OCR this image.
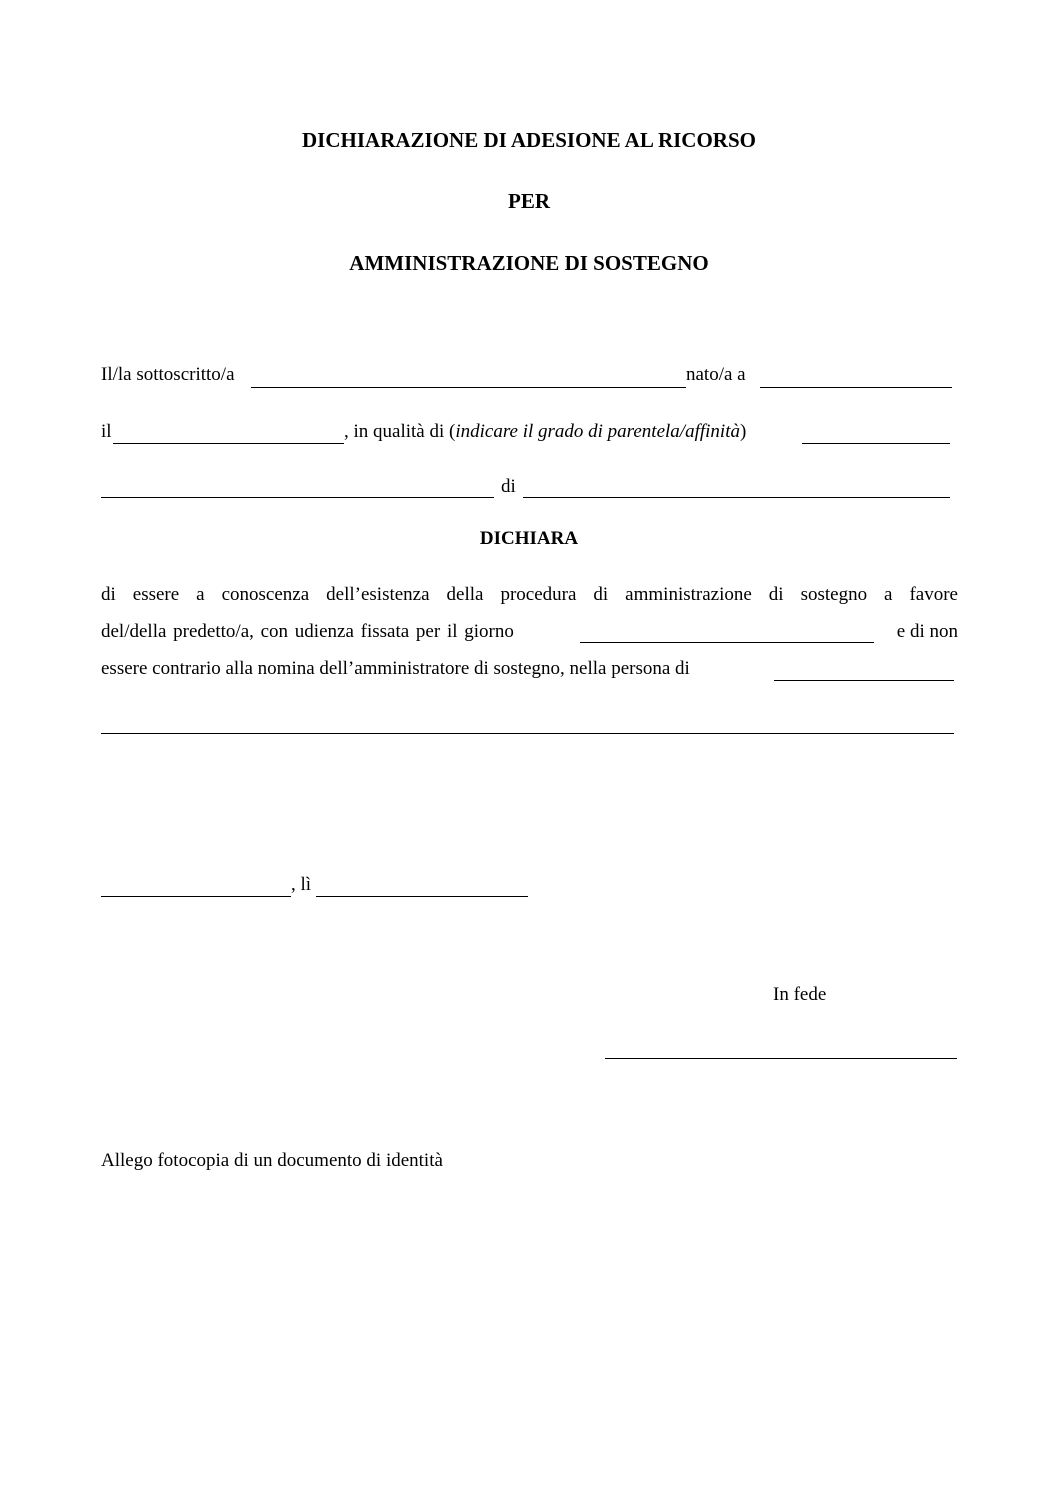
DICHIARAZIONE DI ADESIONE AL RICORSO
PER
AMMINISTRAZIONE DI SOSTEGNO
Il/la sottoscritto/a	nato/a a
il	, in qualità di (indicare il grado di parentela/affinità)
di
DICHIARA
di essere a conoscenza dell’esistenza della procedura di amministrazione di sostegno a favore
del/della predetto/a, con udienza fissata per il giorno	e di non
essere contrario alla nomina dell’amministratore di sostegno, nella persona di
, lì
In fede
Allego fotocopia di un documento di identità
